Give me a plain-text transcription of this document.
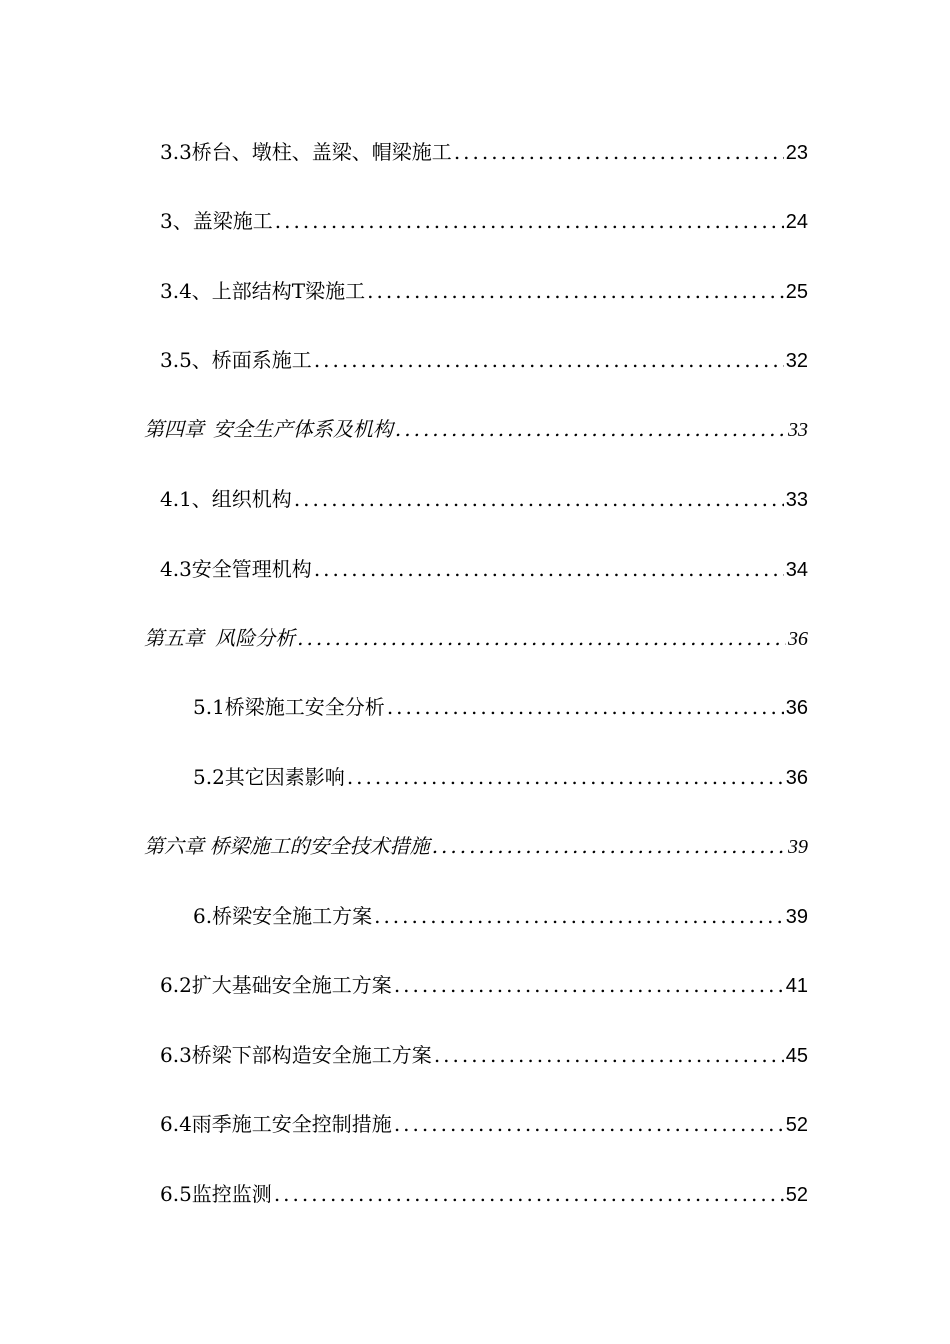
3.3桥台、墩柱、盖梁、帽梁施工 .....	23
3、盖梁施工 .....	24
3.4、上部结构T梁施工 .....	25
3.5、桥面系施工 .....	32
第四章 安全生产体系及机构 .....	33
4.1、组织机构 .....	33
4.3安全管理机构 .....	34
第五章 风险分析 .....	36
5.1桥梁施工安全分析 .....	36
5.2其它因素影响 .....	36
第六章 桥梁施工的安全技术措施 .....	39
6.桥梁安全施工方案 .....	39
6.2扩大基础安全施工方案 .....	41
6.3桥梁下部构造安全施工方案 .....	45
6.4雨季施工安全控制措施 .....	52
6.5监控监测 .....	52
